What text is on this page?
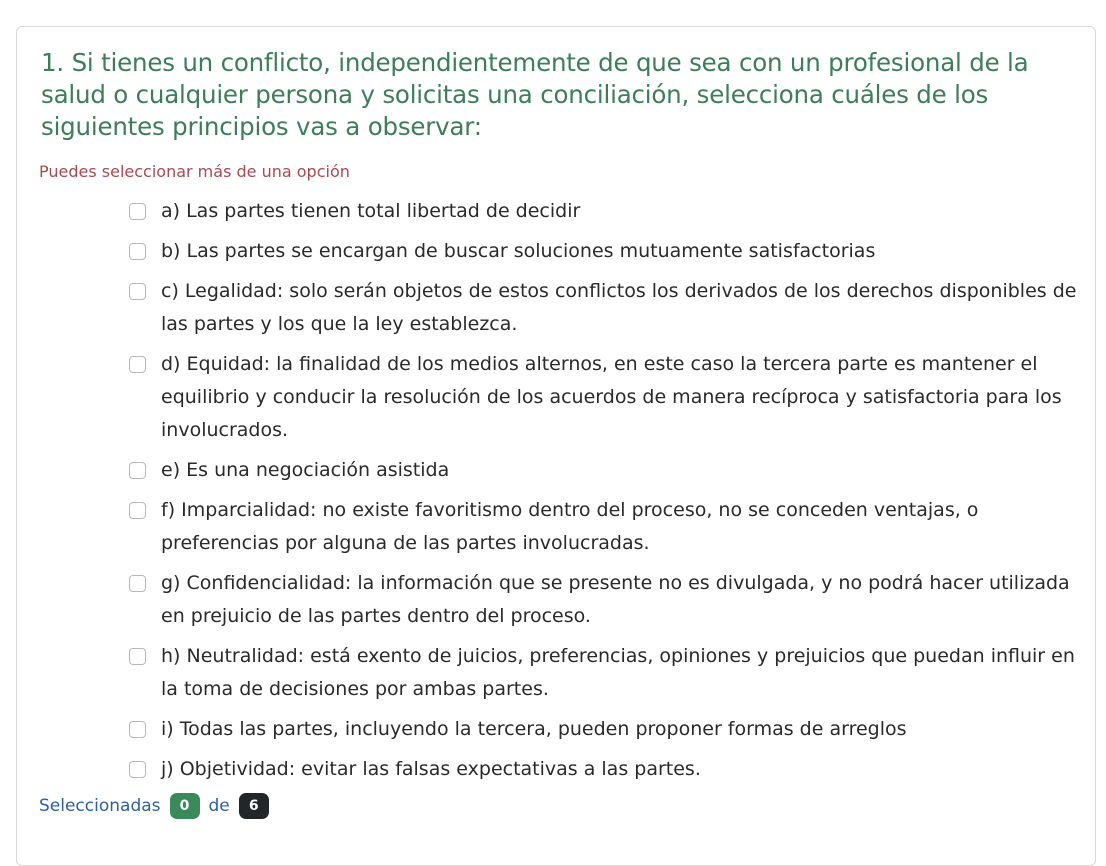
1. Si tienes un conflicto, independientemente de que sea con un profesional de la salud o cualquier persona y solicitas una conciliación, selecciona cuáles de los siguientes principios vas a observar:

Puedes seleccionar más de una opción

a) Las partes tienen total libertad de decidir
b) Las partes se encargan de buscar soluciones mutuamente satisfactorias
c) Legalidad: solo serán objetos de estos conflictos los derivados de los derechos disponibles de las partes y los que la ley establezca.
d) Equidad: la finalidad de los medios alternos, en este caso la tercera parte es mantener el equilibrio y conducir la resolución de los acuerdos de manera recíproca y satisfactoria para los involucrados.
e) Es una negociación asistida
f) Imparcialidad: no existe favoritismo dentro del proceso, no se conceden ventajas, o preferencias por alguna de las partes involucradas.
g) Confidencialidad: la información que se presente no es divulgada, y no podrá hacer utilizada en prejuicio de las partes dentro del proceso.
h) Neutralidad: está exento de juicios, preferencias, opiniones y prejuicios que puedan influir en la toma de decisiones por ambas partes.
i) Todas las partes, incluyendo la tercera, pueden proponer formas de arreglos
j) Objetividad: evitar las falsas expectativas a las partes.
Seleccionadas	0	de	6
